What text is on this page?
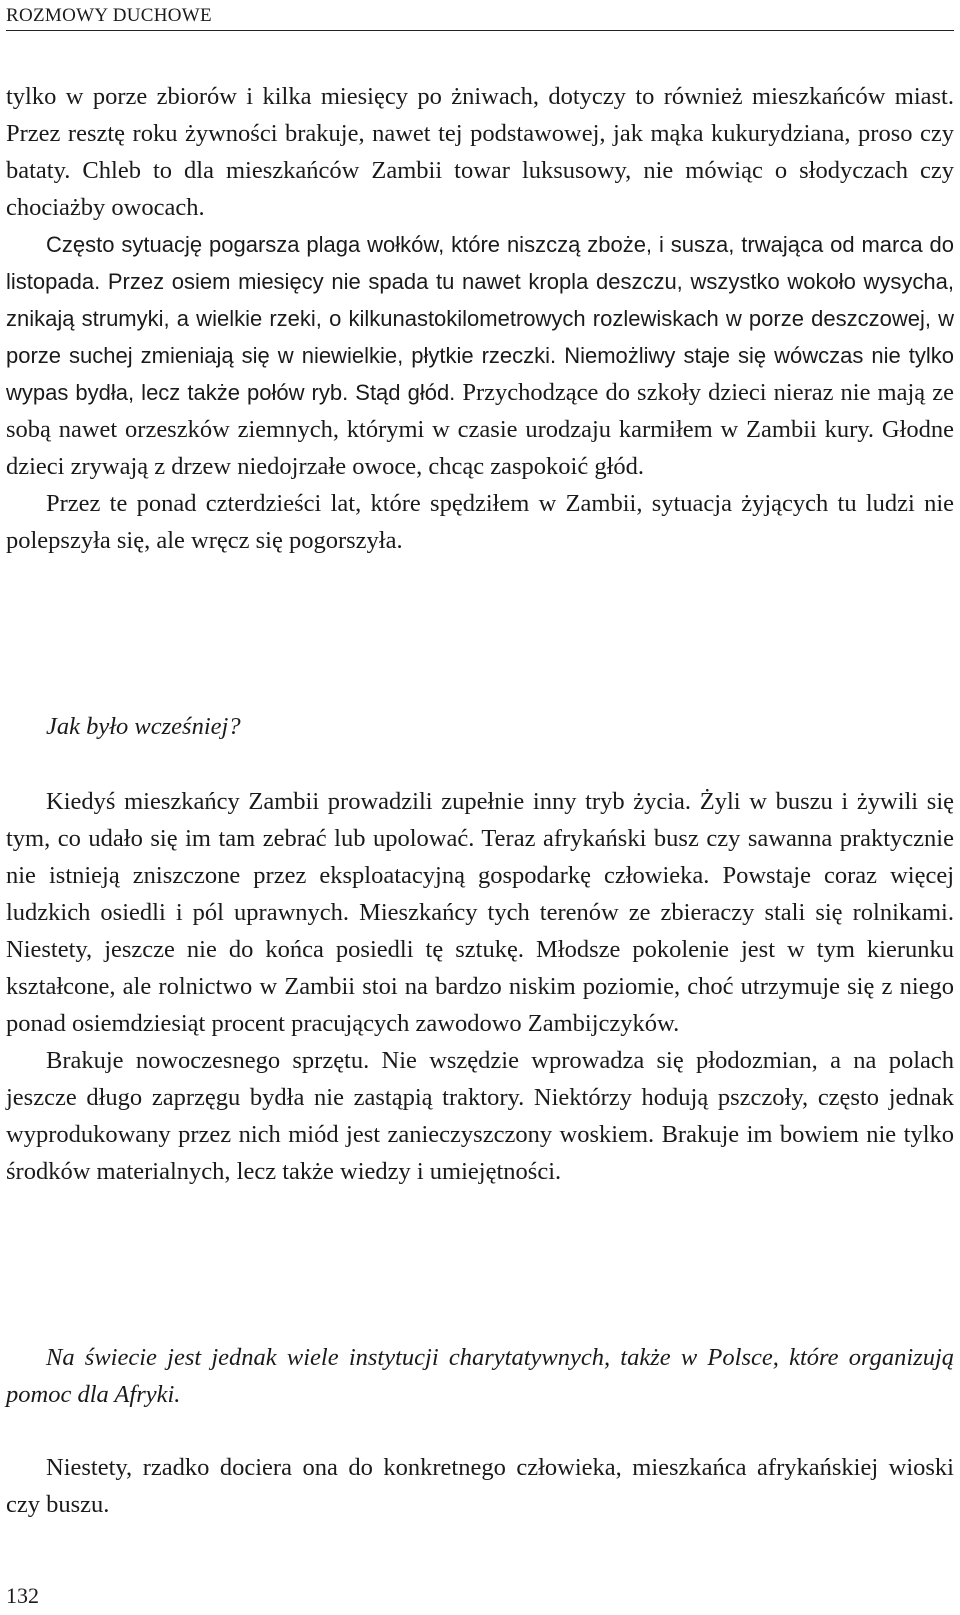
ROZMOWY DUCHOWE

tylko w porze zbiorów i kilka miesięcy po żniwach, dotyczy to również mieszkańców miast. Przez resztę roku żywności brakuje, nawet tej podstawowej, jak mąka kukurydziana, proso czy bataty. Chleb to dla mieszkańców Zambii towar luksusowy, nie mówiąc o słodyczach czy chociażby owocach.

Często sytuację pogarsza plaga wołków, które niszczą zboże, i susza, trwająca od marca do listopada. Przez osiem miesięcy nie spada tu nawet kropla deszczu, wszystko wokoło wysycha, znikają strumyki, a wielkie rzeki, o kilkunastokilometrowych rozlewiskach w porze deszczowej, w porze suchej zmieniają się w niewielkie, płytkie rzeczki. Niemożliwy staje się wówczas nie tylko wypas bydła, lecz także połów ryb. Stąd głód. Przychodzące do szkoły dzieci nieraz nie mają ze sobą nawet orzeszków ziemnych, którymi w czasie urodzaju karmiłem w Zambii kury. Głodne dzieci zrywają z drzew niedojrzałe owoce, chcąc zaspokoić głód.

Przez te ponad czterdzieści lat, które spędziłem w Zambii, sytuacja żyjących tu ludzi nie polepszyła się, ale wręcz się pogorszyła.

Jak było wcześniej?

Kiedyś mieszkańcy Zambii prowadzili zupełnie inny tryb życia. Żyli w buszu i żywili się tym, co udało się im tam zebrać lub upolować. Teraz afrykański busz czy sawanna praktycznie nie istnieją zniszczone przez eksploatacyjną gospodarkę człowieka. Powstaje coraz więcej ludzkich osiedli i pól uprawnych. Mieszkańcy tych terenów ze zbieraczy stali się rolnikami. Niestety, jeszcze nie do końca posiedli tę sztukę. Młodsze pokolenie jest w tym kierunku kształcone, ale rolnictwo w Zambii stoi na bardzo niskim poziomie, choć utrzymuje się z niego ponad osiemdziesiąt procent pracujących zawodowo Zambijczyków.

Brakuje nowoczesnego sprzętu. Nie wszędzie wprowadza się płodozmian, a na polach jeszcze długo zaprzęgu bydła nie zastąpią traktory. Niektórzy hodują pszczoły, często jednak wyprodukowany przez nich miód jest zanieczyszczony woskiem. Brakuje im bowiem nie tylko środków materialnych, lecz także wiedzy i umiejętności.

Na świecie jest jednak wiele instytucji charytatywnych, także w Polsce, które organizują pomoc dla Afryki.

Niestety, rzadko dociera ona do konkretnego człowieka, mieszkańca afrykańskiej wioski czy buszu.

132
